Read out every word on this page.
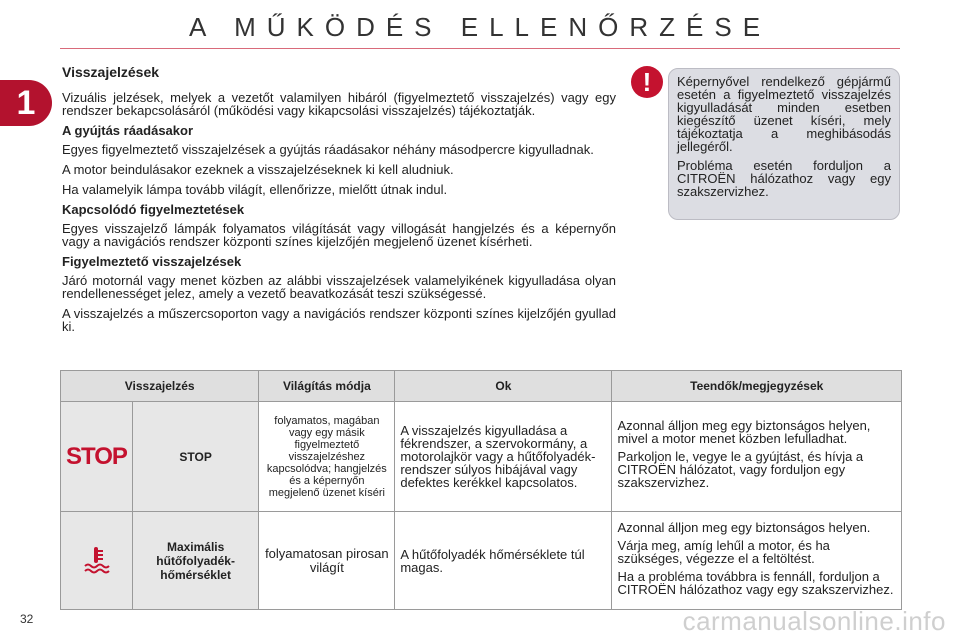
A MŰKÖDÉS ELLENŐRZÉSE
1
Visszajelzések

Vizuális jelzések, melyek a vezetőt valamilyen hibáról (figyelmeztető visszajelzés) vagy egy rendszer bekapcsolásáról (működési vagy kikapcsolási visszajelzés) tájékoztatják.

A gyújtás ráadásakor

Egyes figyelmeztető visszajelzések a gyújtás ráadásakor néhány másodpercre kigyulladnak.

A motor beindulásakor ezeknek a visszajelzéseknek ki kell aludniuk.

Ha valamelyik lámpa tovább világít, ellenőrizze, mielőtt útnak indul.

Kapcsolódó figyelmeztetések

Egyes visszajelző lámpák folyamatos világítását vagy villogását hangjelzés és a képernyőn vagy a navigációs rendszer központi színes kijelzőjén megjelenő üzenet kísérheti.

Figyelmeztető visszajelzések

Járó motornál vagy menet közben az alábbi visszajelzések valamelyikének kigyulladása olyan rendellenességet jelez, amely a vezető beavatkozását teszi szükségessé.

A visszajelzés a műszercsoporton vagy a navigációs rendszer központi színes kijelzőjén gyullad ki.

!	Képernyővel rendelkező gépjármű esetén a figyelmeztető visszajelzés kigyulladását minden esetben kiegészítő üzenet kíséri, mely tájékoztatja a meghibásodás jellegéről.

Probléma esetén forduljon a CITROËN hálózathoz vagy egy szakszervizhez.

Visszajelzés		Világítás módja	Ok	Teendők/megjegyzések
STOP	STOP	folyamatos, magában vagy egy másik figyelmeztető visszajelzéshez kapcsolódva; hangjelzés és a képernyőn megjelenő üzenet kíséri	A visszajelzés kigyulladása a fékrendszer, a szervokormány, a motorolajkör vagy a hűtőfolyadék-rendszer súlyos hibájával vagy defektes kerékkel kapcsolatos.	Azonnal álljon meg egy biztonságos helyen, mivel a motor menet közben lefulladhat.

Parkoljon le, vegye le a gyújtást, és hívja a CITROËN hálózatot, vagy forduljon egy szakszervizhez.

	Maximális hűtőfolyadék-hőmérséklet	folyamatosan pirosan világít	A hűtőfolyadék hőmérséklete túl magas.	Azonnal álljon meg egy biztonságos helyen.

Várja meg, amíg lehűl a motor, és ha szükséges, végezze el a feltöltést.

Ha a probléma továbbra is fennáll, forduljon a CITROËN hálózathoz vagy egy szakszervizhez.

32	carmanualsonline.info
